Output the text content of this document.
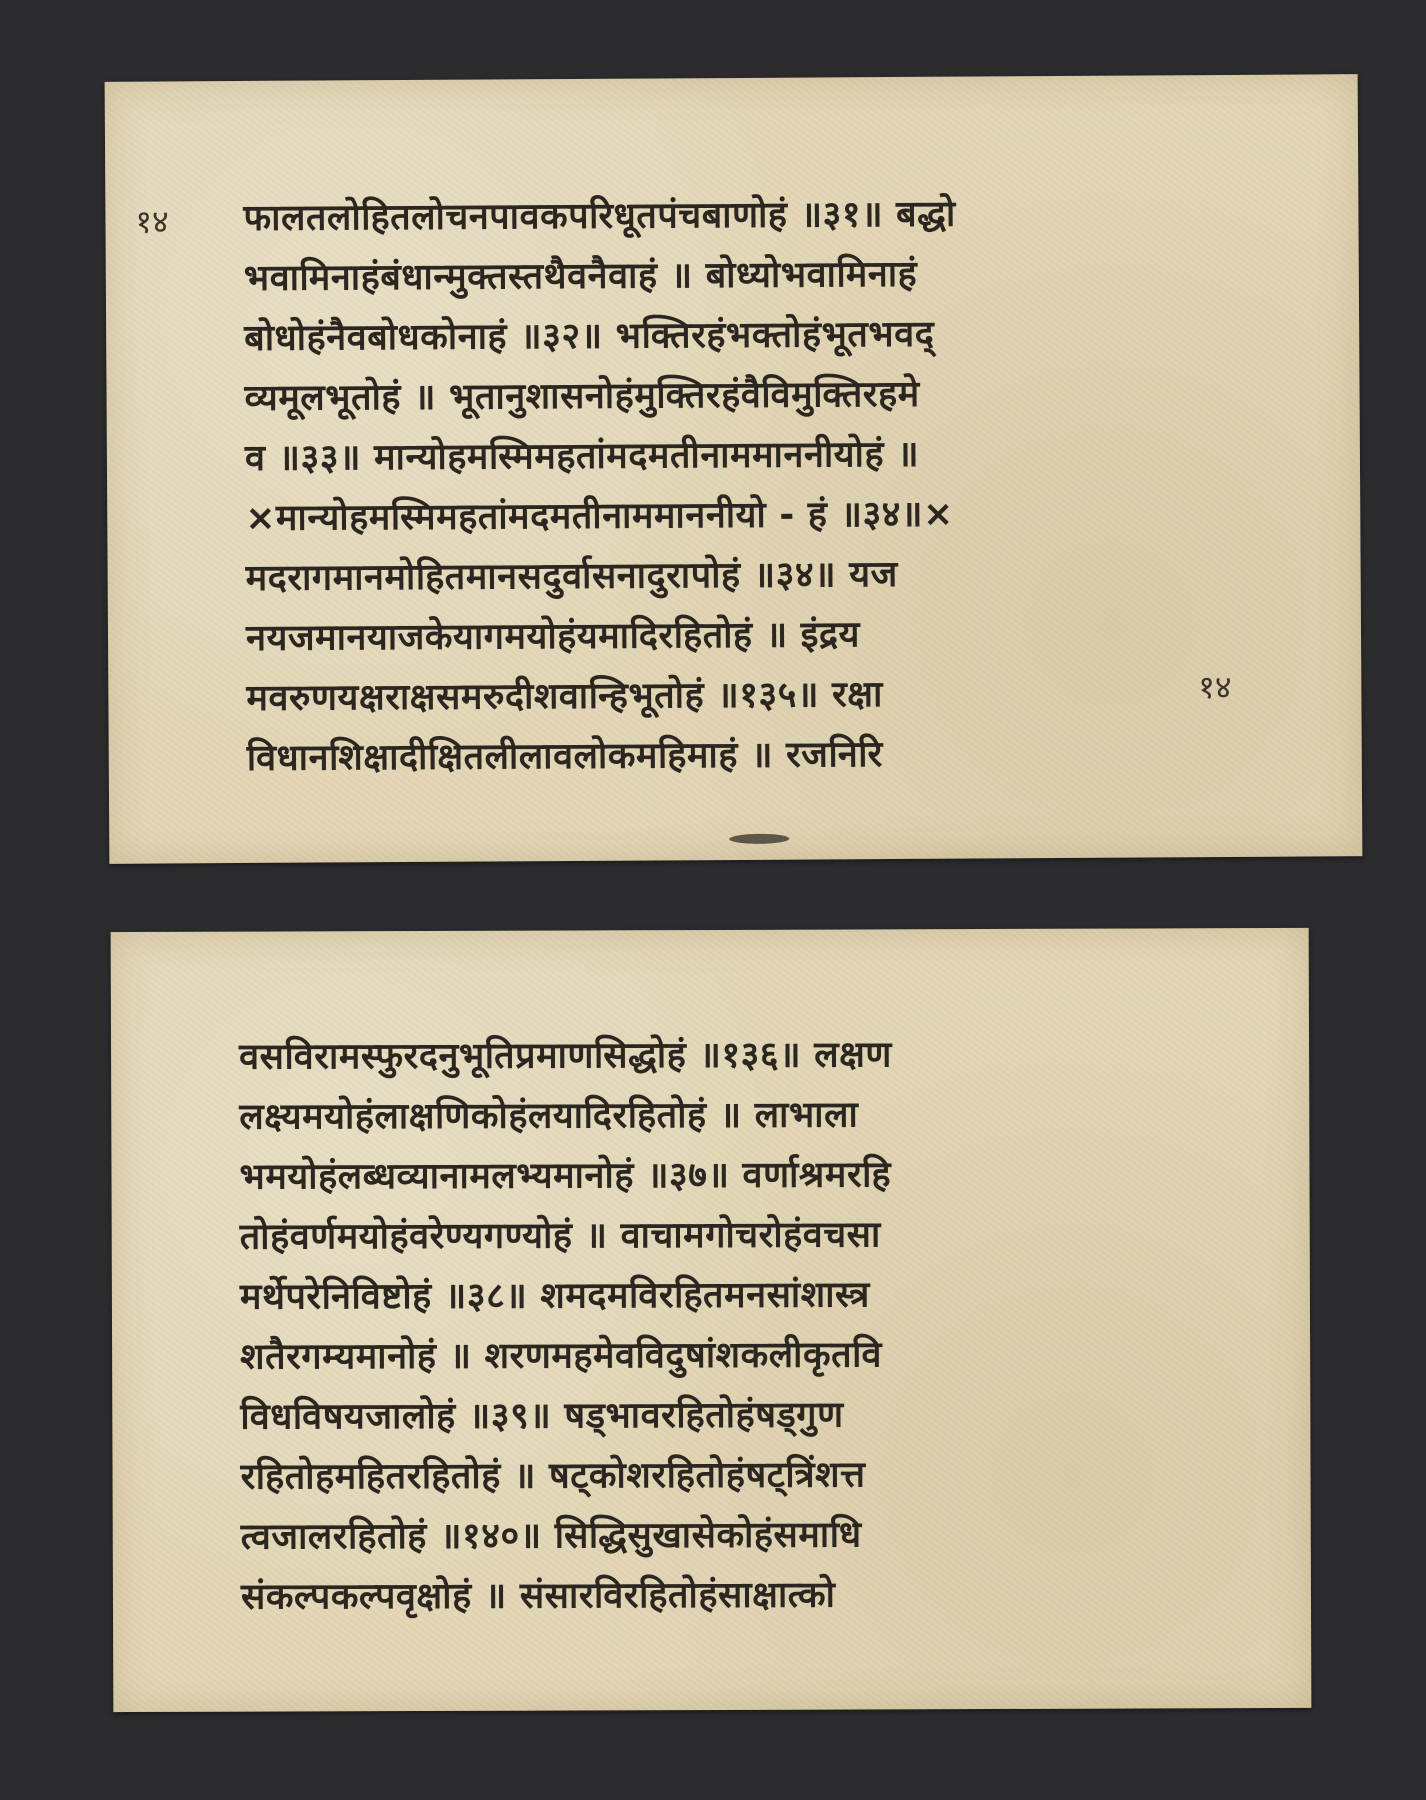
१४
१४
फालतलोहितलोचनपावकपरिधूतपंचबाणोहं ॥३१॥ बद्धो
भवामिनाहंबंधान्मुक्तस्तथैवनैवाहं ॥ बोध्योभवामिनाहं
बोधोहंनैवबोधकोनाहं ॥३२॥ भक्तिरहंभक्तोहंभूतभवद्
व्यमूलभूतोहं ॥ भूतानुशासनोहंमुक्तिरहंवैविमुक्तिरहमे
व ॥३३॥ मान्योहमस्मिमहतांमदमतीनाममाननीयोहं ॥
×मान्योहमस्मिमहतांमदमतीनाममाननीयो - हं ॥३४॥×
मदरागमानमोहितमानसदुर्वासनादुरापोहं ॥३४॥ यज
नयजमानयाजकेयागमयोहंयमादिरहितोहं ॥ इंद्रय
मवरुणयक्षराक्षसमरुदीशवान्हिभूतोहं ॥१३५॥ रक्षा
विधानशिक्षादीक्षितलीलावलोकमहिमाहं ॥ रजनिरि
वसविरामस्फुरदनुभूतिप्रमाणसिद्धोहं ॥१३६॥ लक्षण
लक्ष्यमयोहंलाक्षणिकोहंलयादिरहितोहं ॥ लाभाला
भमयोहंलब्धव्यानामलभ्यमानोहं ॥३७॥ वर्णाश्रमरहि
तोहंवर्णमयोहंवरेण्यगण्योहं ॥ वाचामगोचरोहंवचसा
मर्थेपरेनिविष्टोहं ॥३८॥ शमदमविरहितमनसांशास्त्र
शतैरगम्यमानोहं ॥ शरणमहमेवविदुषांशकलीकृतवि
विधविषयजालोहं ॥३९॥ षड्भावरहितोहंषड्गुण
रहितोहमहितरहितोहं ॥ षट्कोशरहितोहंषट्त्रिंशत्त
त्वजालरहितोहं ॥१४०॥ सिद्धिसुखासेकोहंसमाधि
संकल्पकल्पवृक्षोहं ॥ संसारविरहितोहंसाक्षात्को
